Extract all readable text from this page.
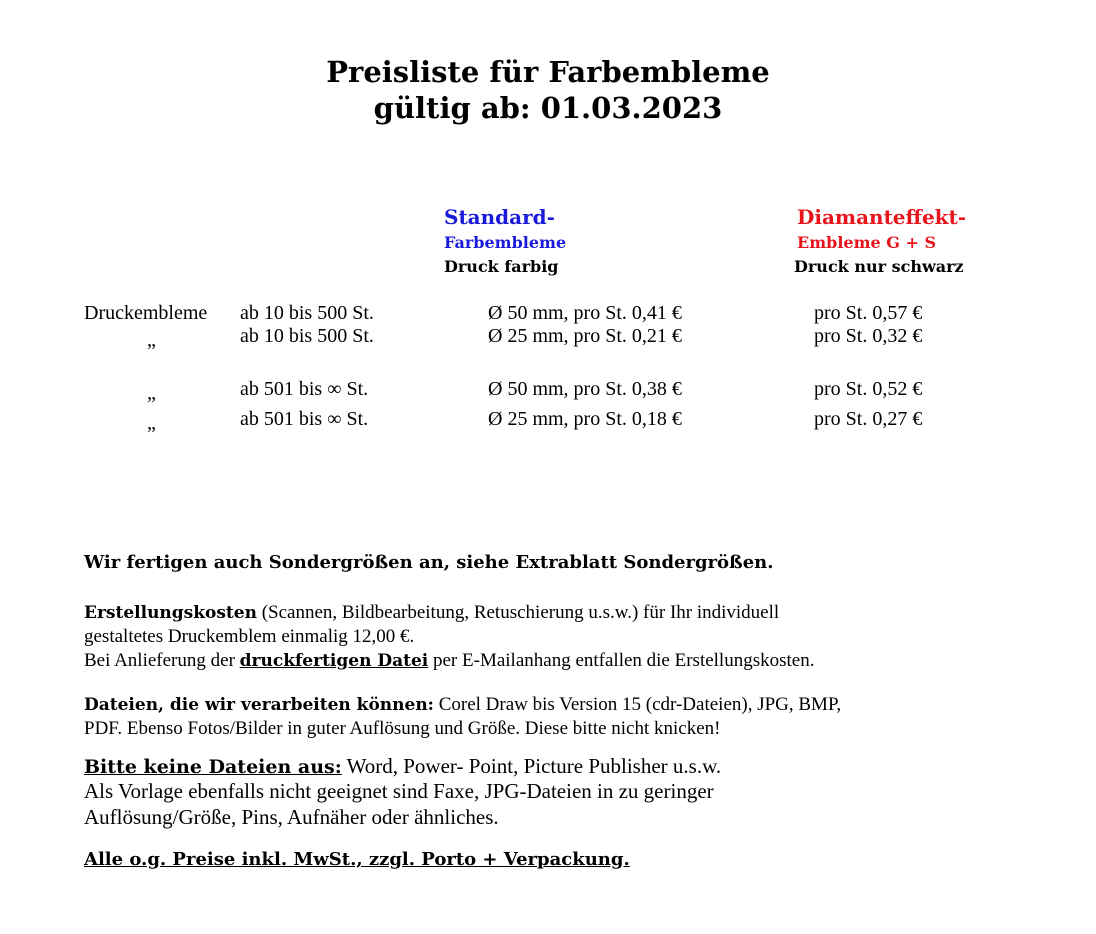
Preisliste für Farbembleme
gültig ab: 01.03.2023
Standard-
Farbembleme
Druck farbig
Diamanteffekt-
Embleme G + S
Druck nur schwarz
Druckembleme ab 10 bis 500 St.	Ø 50 mm, pro St. 0,41 €	pro St. 0,57 €
„	ab 10 bis 500 St.	Ø 25 mm, pro St. 0,21 €	pro St. 0,32 €
„	ab 501 bis ∞ St.	Ø 50 mm, pro St. 0,38 €	pro St. 0,52 €
„	ab 501 bis ∞ St.	Ø 25 mm, pro St. 0,18 €	pro St. 0,27 €
Wir fertigen auch Sondergrößen an, siehe Extrablatt Sondergrößen.
Erstellungskosten (Scannen, Bildbearbeitung, Retuschierung u.s.w.) für Ihr individuell
gestaltetes Druckemblem einmalig 12,00 €.
Bei Anlieferung der druckfertigen Datei per E-Mailanhang entfallen die Erstellungskosten.
Dateien, die wir verarbeiten können: Corel Draw bis Version 15 (cdr-Dateien), JPG, BMP,
PDF. Ebenso Fotos/Bilder in guter Auflösung und Größe. Diese bitte nicht knicken!
Bitte keine Dateien aus: Word, Power- Point, Picture Publisher u.s.w.
Als Vorlage ebenfalls nicht geeignet sind Faxe, JPG-Dateien in zu geringer
Auflösung/Größe, Pins, Aufnäher oder ähnliches.
Alle o.g. Preise inkl. MwSt., zzgl. Porto + Verpackung.
